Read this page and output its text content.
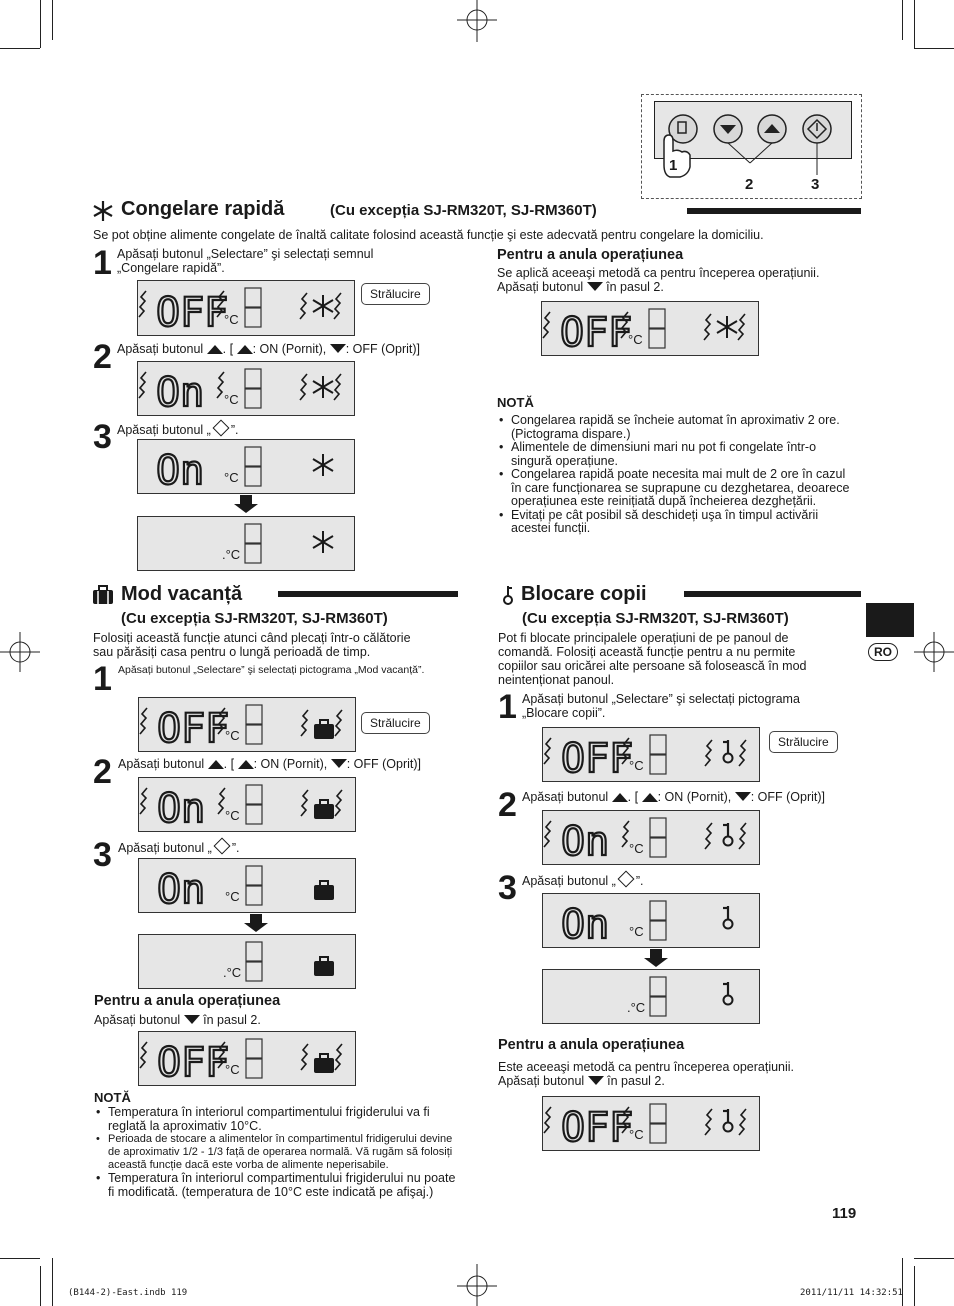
1
2	3
Congelare rapidă	(Cu excepția SJ-RM320T, SJ-RM360T)
Se pot obține alimente congelate de înaltă calitate folosind această funcție şi este adecvată pentru congelare la domiciliu.
1 Apăsați butonul „Selectare” şi selectați semnul
„Congelare rapidă”.
OFF
°C
Strălucire
2 Apăsați butonul . [ : ON (Pornit), : OFF (Oprit)]
On °C
3 Apăsați butonul „ ”.
On °C
.°C
Pentru a anula operațiunea
Se aplică aceeaşi metodă ca pentru începerea operațiunii.
Apăsați butonul în pasul 2.
OFF
°C
NOTĂ
• Congelarea rapidă se încheie automat în aproximativ 2 ore. (Pictograma dispare.)
• Alimentele de dimensiuni mari nu pot fi congelate într-o singură operațiune.
• Congelarea rapidă poate necesita mai mult de 2 ore în cazul în care funcționarea se suprapune cu dezghetarea, deoarece operațiunea este reinițiată după încheierea dezghețării.
• Evitați pe cât posibil să deschideți uşa în timpul activării acestei funcții.
Mod vacanță
(Cu excepția SJ-RM320T, SJ-RM360T)
Folosiți această funcție atunci când plecați într-o călătorie
sau părăsiți casa pentru o lungă perioadă de timp.
1 Apăsați butonul „Selectare” şi selectați pictograma „Mod vacanță”.
OFF
°C
Strălucire
2 Apăsați butonul . [ : ON (Pornit), : OFF (Oprit)]
On °C
3 Apăsați butonul „ ”.
On °C
.°C
Pentru a anula operațiunea
Apăsați butonul în pasul 2.
OFF
°C
NOTĂ
• Temperatura în interiorul compartimentului frigiderului va fi reglată la aproximativ 10°C.
• Perioada de stocare a alimentelor în compartimentul fridigerului devine de aproximativ 1/2 - 1/3 față de operarea normală. Vă rugăm să folosiți această funcție dacă este vorba de alimente neperisabile.
• Temperatura în interiorul compartimentului frigiderului nu poate fi modificată. (temperatura de 10°C este indicată pe afişaj.)
Blocare copii
(Cu excepția SJ-RM320T, SJ-RM360T)
Pot fi blocate principalele operațiuni de pe panoul de
comandă. Folosiți această funcție pentru a nu permite
copiilor sau oricărei alte persoane să folosească în mod
neintenționat panoul.
1 Apăsați butonul „Selectare” şi selectați pictograma
„Blocare copii”.
OFF
°C
Strălucire
2 Apăsați butonul . [ : ON (Pornit), : OFF (Oprit)]
On °C
3 Apăsați butonul „ ”.
On °C
.°C
Pentru a anula operațiunea
Este aceeaşi metodă ca pentru începerea operațiunii.
Apăsați butonul în pasul 2.
OFF
°C
RO
119
(B144-2)-East.indb 119	2011/11/11 14:32:51
